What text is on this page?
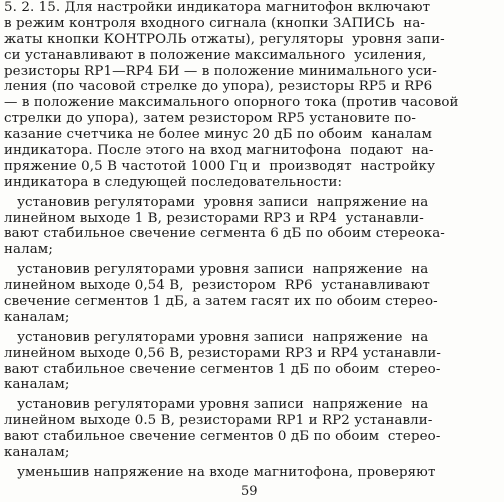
5. 2. 15. Для настройки индикатора магнитофон включают
в режим контроля входного сигнала (кнопки ЗАПИСЬ  на-
жаты кнопки КОНТРОЛЬ отжаты), регуляторы  уровня запи-
си устанавливают в положение максимального  усиления,
резисторы RP1—RP4 БИ — в положение минимального уси-
ления (по часовой стрелке до упора), резисторы RP5 и RP6
— в положение максимального опорного тока (против часовой
стрелки до упора), затем резистором RP5 установите по-
казание счетчика не более минус 20 дБ по обоим  каналам
индикатора. После этого на вход магнитофона  подают  на-
пряжение 0,5 В частотой 1000 Гц и  производят  настройку
индикатора в следующей последовательности:
установив регуляторами  уровня записи  напряжение на
линейном выходе 1 В, резисторами RP3 и RP4  устанавли-
вают стабильное свечение сегмента 6 дБ по обоим стереока-
налам;
установив регуляторами уровня записи  напряжение  на
линейном выходе 0,54 В,  резистором  RP6  устанавливают
свечение сегментов 1 дБ, а затем гасят их по обоим стерео-
каналам;
установив регуляторами уровня записи  напряжение  на
линейном выходе 0,56 В, резисторами RP3 и RP4 устанавли-
вают стабильное свечение сегментов 1 дБ по обоим  стерео-
каналам;
установив регуляторами уровня записи  напряжение  на
линейном выходе 0.5 В, резисторами RP1 и RP2 устанавли-
вают стабильное свечение сегментов 0 дБ по обоим  стерео-
каналам;
уменьшив напряжение на входе магнитофона, проверяют
59
